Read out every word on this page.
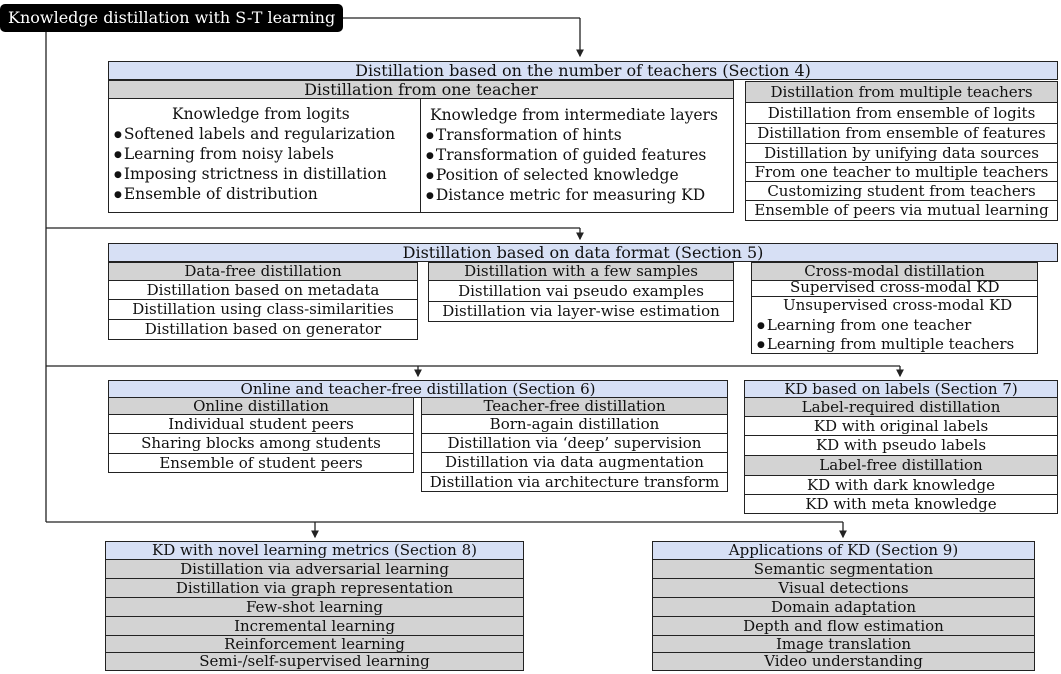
Knowledge distillation with S-T learning
Distillation based on the number of teachers (Section 4)
Distillation from one teacher
Knowledge from logits
● Softened labels and regularization
● Learning from noisy labels
● Imposing strictness in distillation
● Ensemble of distribution
Knowledge from intermediate layers
● Transformation of hints
● Transformation of guided features
● Position of selected knowledge
● Distance metric for measuring KD
Distillation from multiple teachers
Distillation from ensemble of logits
Distillation from ensemble of features
Distillation by unifying data sources
From one teacher to multiple teachers
Customizing student from teachers
Ensemble of peers via mutual learning
Distillation based on data format (Section 5)
Data-free distillation
Distillation based on metadata
Distillation using class-similarities
Distillation based on generator
Distillation with a few samples
Distillation vai pseudo examples
Distillation via layer-wise estimation
Cross-modal distillation
Supervised cross-modal KD
Unsupervised cross-modal KD
● Learning from one teacher
● Learning from multiple teachers
Online and teacher-free distillation (Section 6)
Online distillation
Individual student peers
Sharing blocks among students
Ensemble of student peers
Teacher-free distillation
Born-again distillation
Distillation via ‘deep’ supervision
Distillation via data augmentation
Distillation via architecture transform
KD based on labels (Section 7)
Label-required distillation
KD with original labels
KD with pseudo labels
Label-free distillation
KD with dark knowledge
KD with meta knowledge
KD with novel learning metrics (Section 8)
Distillation via adversarial learning
Distillation via graph representation
Few-shot learning
Incremental learning
Reinforcement learning
Semi-/self-supervised learning
Applications of KD (Section 9)
Semantic segmentation
Visual detections
Domain adaptation
Depth and flow estimation
Image translation
Video understanding
